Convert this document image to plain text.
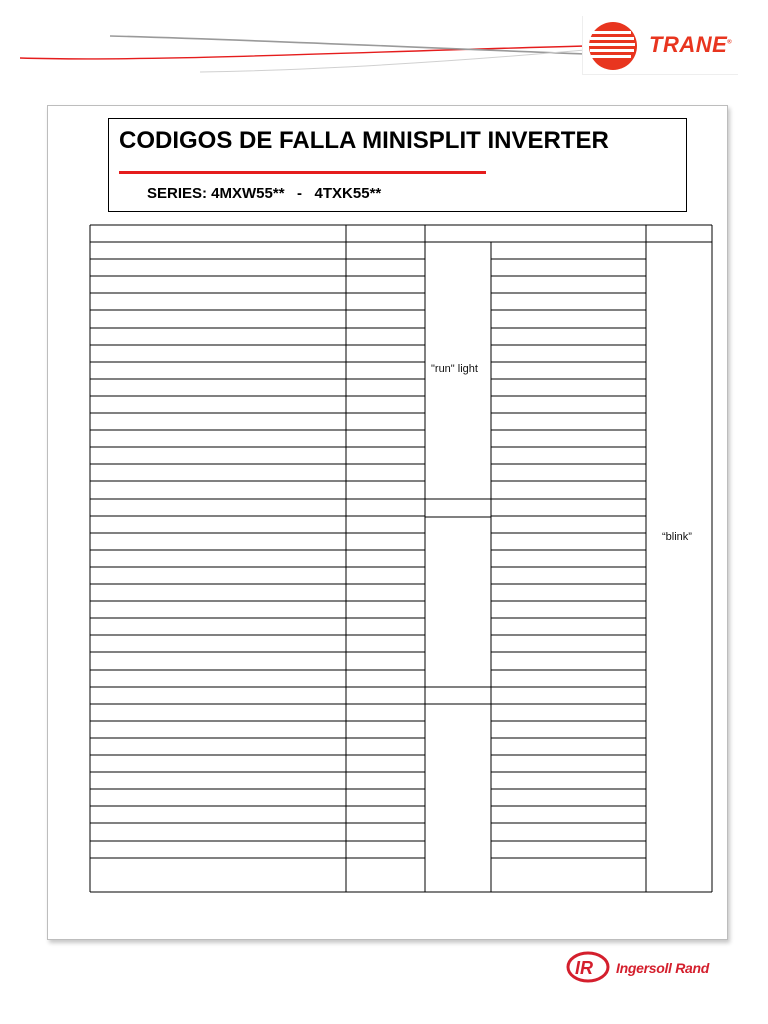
TRANE®
CODIGOS DE FALLA MINISPLIT INVERTER
SERIES: 4MXW55**   -   4TXK55**
"run" light
“blink”
IR Ingersoll Rand
